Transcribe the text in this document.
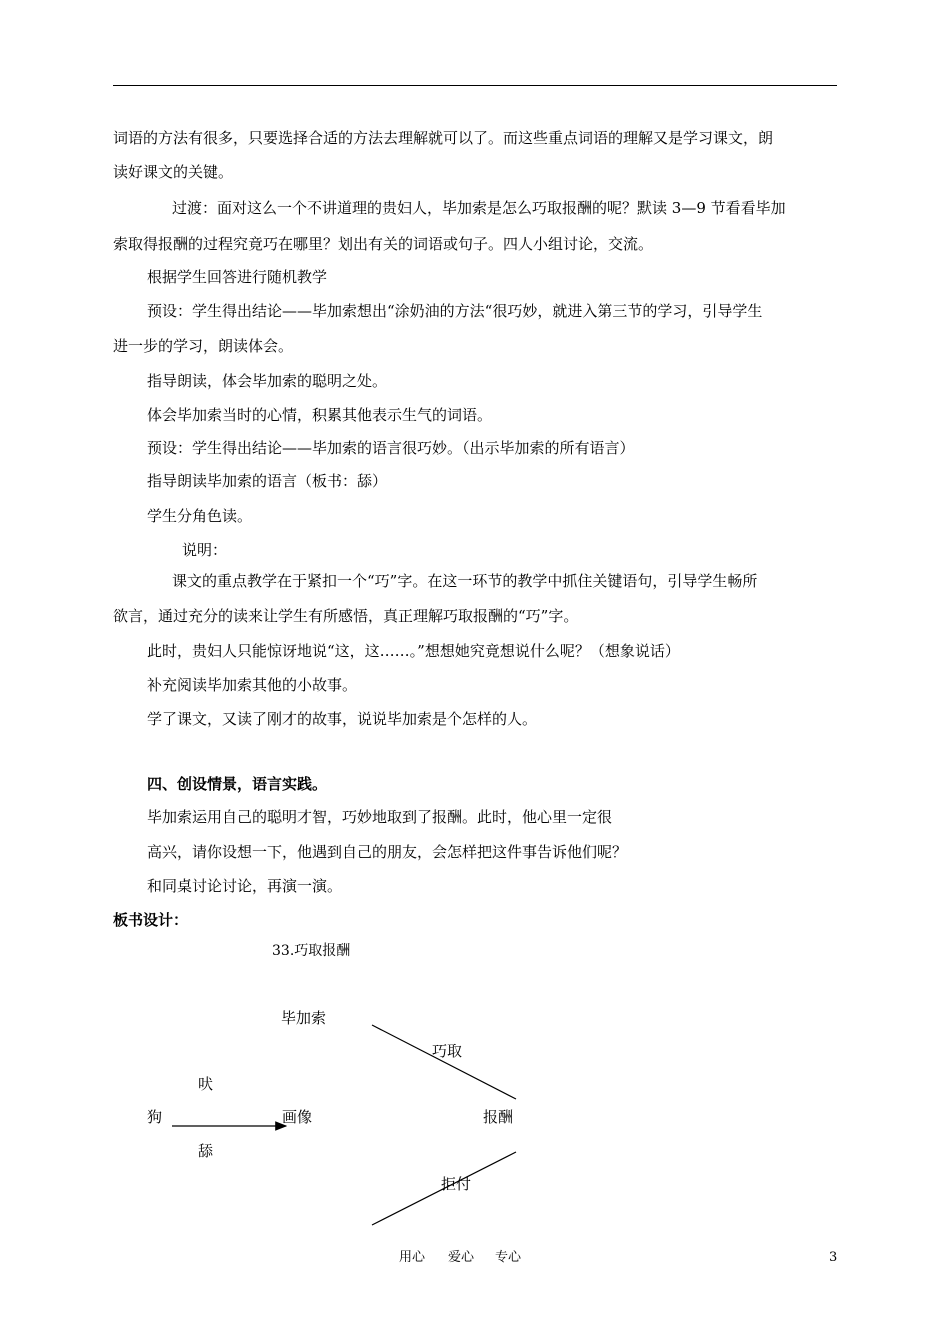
词语的方法有很多，只要选择合适的方法去理解就可以了。而这些重点词语的理解又是学习课文，朗
读好课文的关键。
过渡：面对这么一个不讲道理的贵妇人，毕加索是怎么巧取报酬的呢？默读 3—9 节看看毕加
索取得报酬的过程究竟巧在哪里？划出有关的词语或句子。四人小组讨论，交流。
根据学生回答进行随机教学
预设：学生得出结论——毕加索想出“涂奶油的方法“很巧妙，就进入第三节的学习，引导学生
进一步的学习，朗读体会。
指导朗读，体会毕加索的聪明之处。
体会毕加索当时的心情，积累其他表示生气的词语。
预设：学生得出结论——毕加索的语言很巧妙。（出示毕加索的所有语言）
指导朗读毕加索的语言（板书：舔）
学生分角色读。
说明：
课文的重点教学在于紧扣一个“巧”字。在这一环节的教学中抓住关键语句，引导学生畅所
欲言，通过充分的读来让学生有所感悟，真正理解巧取报酬的“巧”字。
此时，贵妇人只能惊讶地说“这，这……。”想想她究竟想说什么呢？（想象说话）
补充阅读毕加索其他的小故事。
学了课文，又读了刚才的故事，说说毕加索是个怎样的人。
四、创设情景，语言实践。
毕加索运用自己的聪明才智，巧妙地取到了报酬。此时，他心里一定很
高兴，请你设想一下，他遇到自己的朋友，会怎样把这件事告诉他们呢？
和同桌讨论讨论，再演一演。
板书设计：
33.巧取报酬
毕加索
巧取
吠
狗	画像	报酬
舔
拒付
用心 爱心 专心	3
